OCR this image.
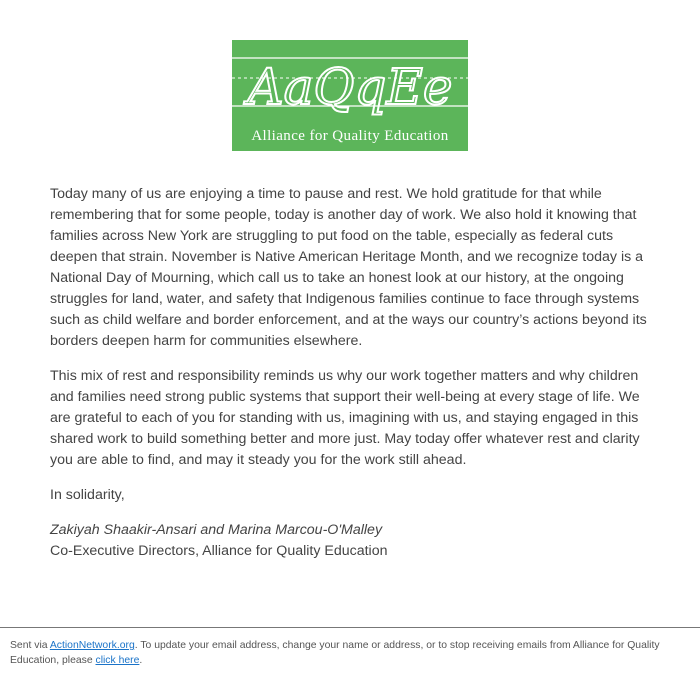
AaQqEe
Alliance for Quality Education

Today many of us are enjoying a time to pause and rest. We hold gratitude for that while remembering that for some people, today is another day of work. We also hold it knowing that families across New York are struggling to put food on the table, especially as federal cuts deepen that strain. November is Native American Heritage Month, and we recognize today is a National Day of Mourning, which call us to take an honest look at our history, at the ongoing struggles for land, water, and safety that Indigenous families continue to face through systems such as child welfare and border enforcement, and at the ways our country’s actions beyond its borders deepen harm for communities elsewhere.

This mix of rest and responsibility reminds us why our work together matters and why children and families need strong public systems that support their well-being at every stage of life. We are grateful to each of you for standing with us, imagining with us, and staying engaged in this shared work to build something better and more just. May today offer whatever rest and clarity you are able to find, and may it steady you for the work still ahead.

In solidarity,

Zakiyah Shaakir-Ansari and Marina Marcou-O'Malley
Co-Executive Directors, Alliance for Quality Education
Sent via ActionNetwork.org. To update your email address, change your name or address, or to stop receiving emails from Alliance for Quality Education, please click here.
